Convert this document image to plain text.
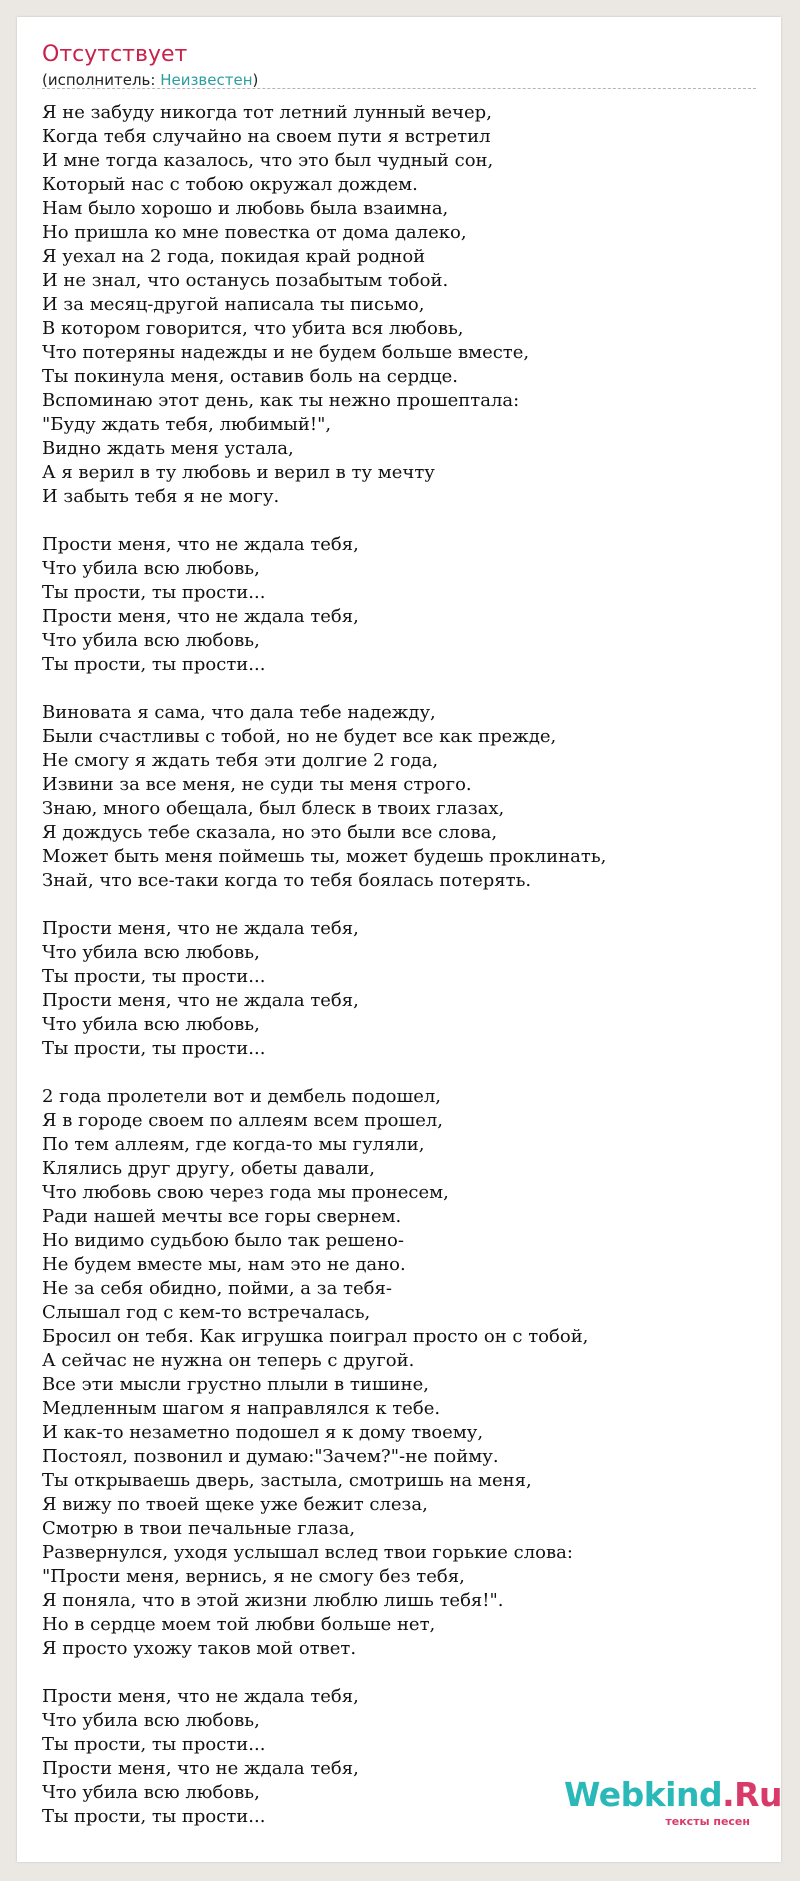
Отсутствует
(исполнитель: Неизвестен)
Я не забуду никогда тот летний лунный вечер,
Когда тебя случайно на своем пути я встретил
И мне тогда казалось, что это был чудный сон,
Который нас с тобою окружал дождем.
Нам было хорошо и любовь была взаимна,
Но пришла ко мне повестка от дома далеко,
Я уехал на 2 года, покидая край родной
И не знал, что останусь позабытым тобой.
И за месяц-другой написала ты письмо,
В котором говорится, что убита вся любовь,
Что потеряны надежды и не будем больше вместе,
Ты покинула меня, оставив боль на сердце.
Вспоминаю этот день, как ты нежно прошептала:
"Буду ждать тебя, любимый!",
Видно ждать меня устала,
А я верил в ту любовь и верил в ту мечту
И забыть тебя я не могу.
Прости меня, что не ждала тебя,
Что убила всю любовь,
Ты прости, ты прости...
Прости меня, что не ждала тебя,
Что убила всю любовь,
Ты прости, ты прости...
Виновата я сама, что дала тебе надежду,
Были счастливы с тобой, но не будет все как прежде,
Не смогу я ждать тебя эти долгие 2 года,
Извини за все меня, не суди ты меня строго.
Знаю, много обещала, был блеск в твоих глазах,
Я дождусь тебе сказала, но это были все слова,
Может быть меня поймешь ты, может будешь проклинать,
Знай, что все-таки когда то тебя боялась потерять.
Прости меня, что не ждала тебя,
Что убила всю любовь,
Ты прости, ты прости...
Прости меня, что не ждала тебя,
Что убила всю любовь,
Ты прости, ты прости...
2 года пролетели вот и дембель подошел,
Я в городе своем по аллеям всем прошел,
По тем аллеям, где когда-то мы гуляли,
Клялись друг другу, обеты давали,
Что любовь свою через года мы пронесем,
Ради нашей мечты все горы свернем.
Но видимо судьбою было так решено-
Не будем вместе мы, нам это не дано.
Не за себя обидно, пойми, а за тебя-
Слышал год с кем-то встречалась,
Бросил он тебя. Как игрушка поиграл просто он с тобой,
А сейчас не нужна он теперь с другой.
Все эти мысли грустно плыли в тишине,
Медленным шагом я направлялся к тебе.
И как-то незаметно подошел я к дому твоему,
Постоял, позвонил и думаю:"Зачем?"-не пойму.
Ты открываешь дверь, застыла, смотришь на меня,
Я вижу по твоей щеке уже бежит слеза,
Смотрю в твои печальные глаза,
Развернулся, уходя услышал вслед твои горькие слова:
"Прости меня, вернись, я не смогу без тебя,
Я поняла, что в этой жизни люблю лишь тебя!".
Но в сердце моем той любви больше нет,
Я просто ухожу таков мой ответ.
Прости меня, что не ждала тебя,
Что убила всю любовь,
Ты прости, ты прости...
Прости меня, что не ждала тебя,
Что убила всю любовь,
Ты прости, ты прости...
Webkind.Ru
тексты песен
